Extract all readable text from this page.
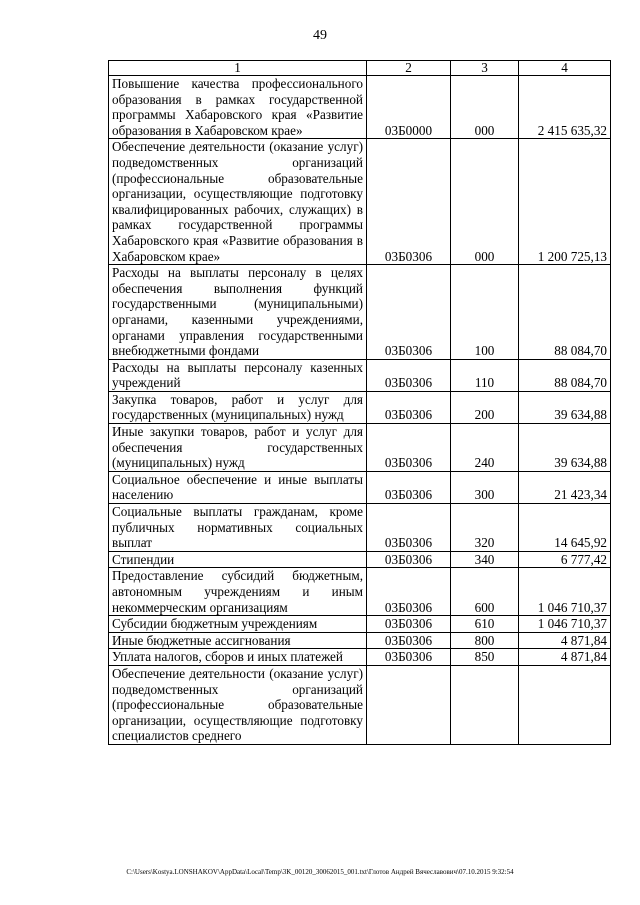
49
1	2	3	4
Повышение качества профессионального образования в рамках государственной программы Хабаровского края «Развитие образования в Хабаровском крае»	03Б0000	000	2 415 635,32
Обеспечение деятельности (оказание услуг) подведомственных организаций (профессиональные образовательные организации, осуществляющие подготовку квалифицированных рабочих, служащих) в рамках государственной программы Хабаровского края «Развитие образования в Хабаровском крае»	03Б0306	000	1 200 725,13
Расходы на выплаты персоналу в целях обеспечения выполнения функций государственными (муниципальными) органами, казенными учреждениями, органами управления государственными внебюджетными фондами	03Б0306	100	88 084,70
Расходы на выплаты персоналу казенных учреждений	03Б0306	110	88 084,70
Закупка товаров, работ и услуг для государственных (муниципальных) нужд	03Б0306	200	39 634,88
Иные закупки товаров, работ и услуг для обеспечения государственных (муниципальных) нужд	03Б0306	240	39 634,88
Социальное обеспечение и иные выплаты населению	03Б0306	300	21 423,34
Социальные выплаты гражданам, кроме публичных нормативных социальных выплат	03Б0306	320	14 645,92
Стипендии	03Б0306	340	6 777,42
Предоставление субсидий бюджетным, автономным учреждениям и иным некоммерческим организациям	03Б0306	600	1 046 710,37
Субсидии бюджетным учреждениям	03Б0306	610	1 046 710,37
Иные бюджетные ассигнования	03Б0306	800	4 871,84
Уплата налогов, сборов и иных платежей	03Б0306	850	4 871,84
Обеспечение деятельности (оказание услуг) подведомственных организаций (профессиональные образовательные организации, осуществляющие подготовку специалистов среднего			
C:\Users\Kostya.LONSHAKOV\AppData\Local\Temp\3K_00120_30062015_001.txt\Глотов Андрей Вячеславович\07.10.2015 9:32:54
